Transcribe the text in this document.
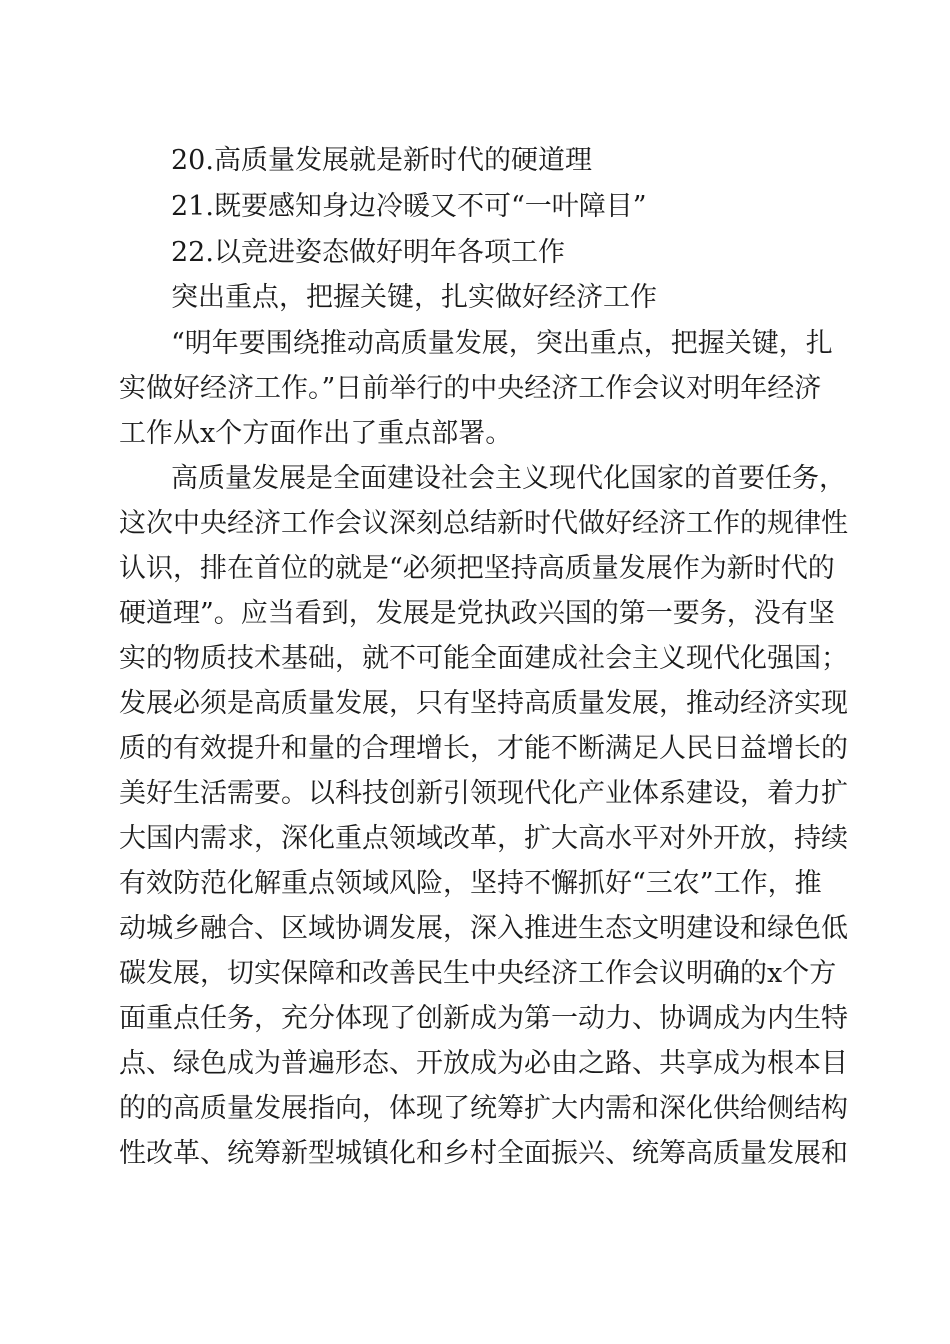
20.高质量发展就是新时代的硬道理
21.既要感知身边冷暖又不可“一叶障目”
22.以竞进姿态做好明年各项工作
突出重点，把握关键，扎实做好经济工作
“明年要围绕推动高质量发展，突出重点，把握关键，扎
实做好经济工作。”日前举行的中央经济工作会议对明年经济
工作从x个方面作出了重点部署。
高质量发展是全面建设社会主义现代化国家的首要任务，
这次中央经济工作会议深刻总结新时代做好经济工作的规律性
认识，排在首位的就是“必须把坚持高质量发展作为新时代的
硬道理”。应当看到，发展是党执政兴国的第一要务，没有坚
实的物质技术基础，就不可能全面建成社会主义现代化强国；
发展必须是高质量发展，只有坚持高质量发展，推动经济实现
质的有效提升和量的合理增长，才能不断满足人民日益增长的
美好生活需要。以科技创新引领现代化产业体系建设，着力扩
大国内需求，深化重点领域改革，扩大高水平对外开放，持续
有效防范化解重点领域风险，坚持不懈抓好“三农”工作，推
动城乡融合、区域协调发展，深入推进生态文明建设和绿色低
碳发展，切实保障和改善民生中央经济工作会议明确的x个方
面重点任务，充分体现了创新成为第一动力、协调成为内生特
点、绿色成为普遍形态、开放成为必由之路、共享成为根本目
的的高质量发展指向，体现了统筹扩大内需和深化供给侧结构
性改革、统筹新型城镇化和乡村全面振兴、统筹高质量发展和
